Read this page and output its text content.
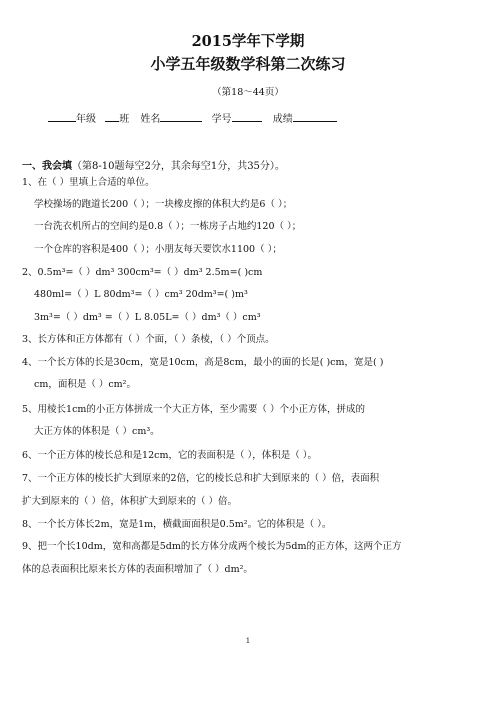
2015学年下学期
小学五年级数学科第二次练习
（第18～44页）
年级 班 姓名	学号	成绩
一、我会填（第8-10题每空2分，其余每空1分，共35分）。
1、在（ ）里填上合适的单位。
学校操场的跑道长200（ ）；一块橡皮擦的体积大约是6（ ）；
一台洗衣机所占的空间约是0.8（ ）；一栋房子占地约120（ ）；
一个仓库的容积是400（ ）；小朋友每天要饮水1100（ ）；
2、0.5m³=（ ）dm³ 300cm³=（ ）dm³ 2.5m=( )cm
480ml=（ ）L 80dm³=（ ）cm³ 20dm³=( )m³
3m³=（ ）dm³ =（ ）L 8.05L=（ ）dm³（ ）cm³
3、长方体和正方体都有（ ）个面，（ ）条棱，（ ）个顶点。
4、一个长方体的长是30cm，宽是10cm，高是8cm，最小的面的长是( )cm，宽是( )
cm，面积是（ ）cm²。
5、用棱长1cm的小正方体拼成一个大正方体，至少需要（ ）个小正方体，拼成的
大正方体的体积是（ ）cm³。
6、一个正方体的棱长总和是12cm，它的表面积是（ ），体积是（ ）。
7、一个正方体的棱长扩大到原来的2倍，它的棱长总和扩大到原来的（ ）倍，表面积
扩大到原来的（ ）倍，体积扩大到原来的（ ）倍。
8、一个长方体长2m，宽是1m，横截面面积是0.5m²。它的体积是（ ）。
9、把一个长10dm，宽和高都是5dm的长方体分成两个棱长为5dm的正方体，这两个正方
体的总表面积比原来长方体的表面积增加了（ ）dm²。
1
